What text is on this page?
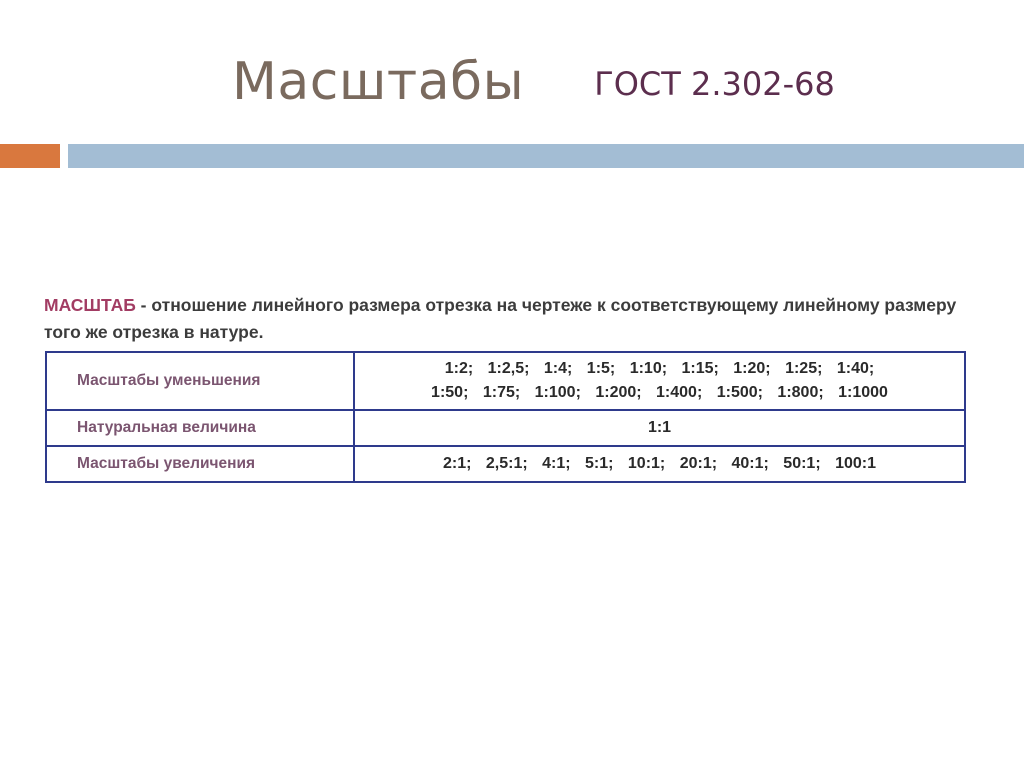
Масштабы ГОСТ 2.302-68

МАСШТАБ - отношение линейного размера отрезка на чертеже к соответствующему линейному размеру того же отрезка в натуре.

Масштабы уменьшения	1:2; 1:2,5; 1:4; 1:5; 1:10; 1:15; 1:20; 1:25; 1:40;
1:50; 1:75; 1:100; 1:200; 1:400; 1:500; 1:800; 1:1000

Натуральная величина	1:1

Масштабы увеличения	2:1; 2,5:1; 4:1; 5:1; 10:1; 20:1; 40:1; 50:1; 100:1
